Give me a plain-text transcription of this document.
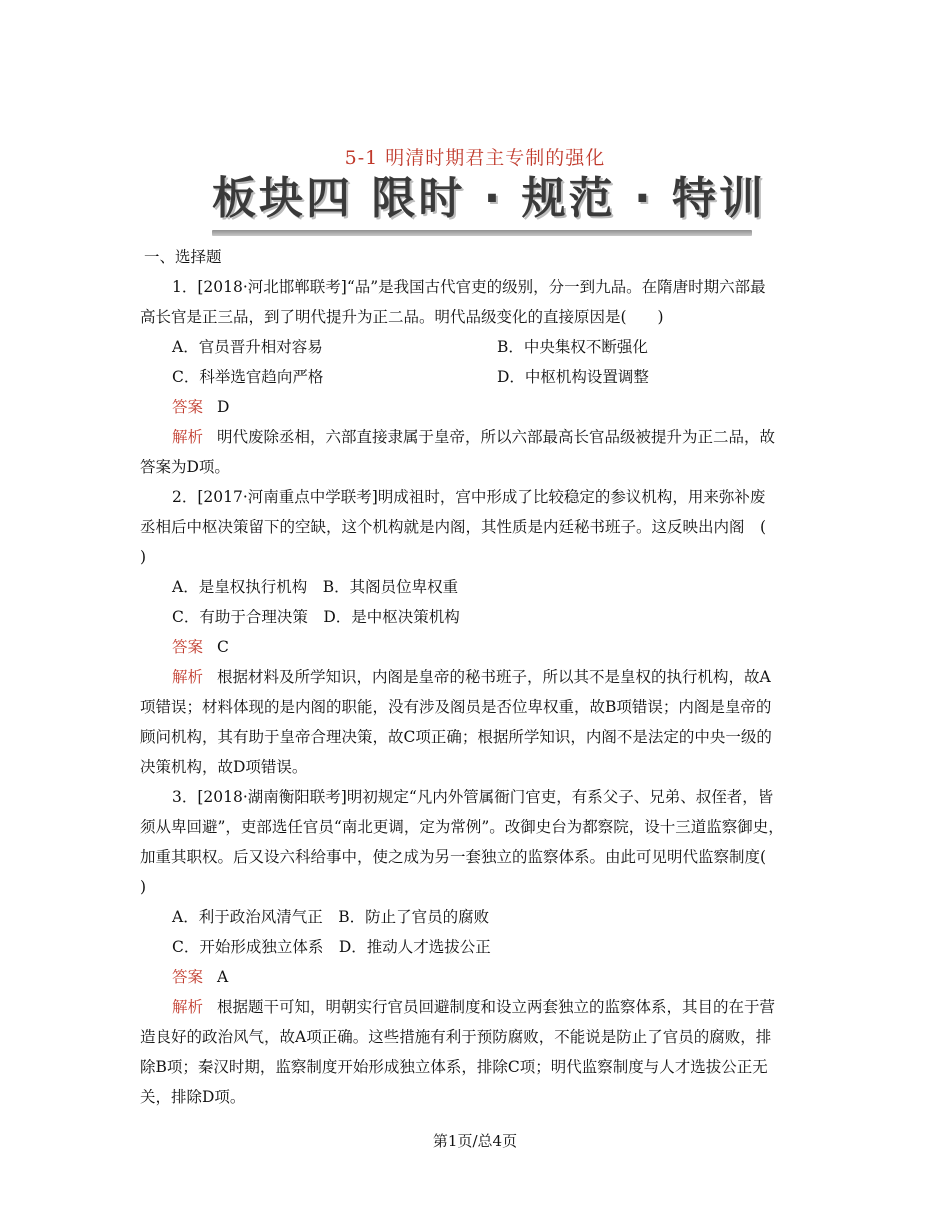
5-1 明清时期君主专制的强化
板块四 限时 · 规范 · 特训
一、选择题
1．[2018·河北邯郸联考]“品”是我国古代官吏的级别，分一到九品。在隋唐时期六部最
高长官是正三品，到了明代提升为正二品。明代品级变化的直接原因是(　　)
A．官员晋升相对容易	B．中央集权不断强化
C．科举选官趋向严格	D．中枢机构设置调整
答案 D
解析 明代废除丞相，六部直接隶属于皇帝，所以六部最高长官品级被提升为正二品，故
答案为D项。
2．[2017·河南重点中学联考]明成祖时，宫中形成了比较稳定的参议机构，用来弥补废
丞相后中枢决策留下的空缺，这个机构就是内阁，其性质是内廷秘书班子。这反映出内阁　(
)
A．是皇权执行机构　B．其阁员位卑权重
C．有助于合理决策　D．是中枢决策机构
答案 C
解析 根据材料及所学知识，内阁是皇帝的秘书班子，所以其不是皇权的执行机构，故A
项错误；材料体现的是内阁的职能，没有涉及阁员是否位卑权重，故B项错误；内阁是皇帝的
顾问机构，其有助于皇帝合理决策，故C项正确；根据所学知识，内阁不是法定的中央一级的
决策机构，故D项错误。
3．[2018·湖南衡阳联考]明初规定“凡内外管属衙门官吏，有系父子、兄弟、叔侄者，皆
须从卑回避”，吏部选任官员“南北更调，定为常例”。改御史台为都察院，设十三道监察御史，
加重其职权。后又设六科给事中，使之成为另一套独立的监察体系。由此可见明代监察制度(
)
A．利于政治风清气正　B．防止了官员的腐败
C．开始形成独立体系　D．推动人才选拔公正
答案 A
解析 根据题干可知，明朝实行官员回避制度和设立两套独立的监察体系，其目的在于营
造良好的政治风气，故A项正确。这些措施有利于预防腐败，不能说是防止了官员的腐败，排
除B项；秦汉时期，监察制度开始形成独立体系，排除C项；明代监察制度与人才选拔公正无
关，排除D项。
第1页/总4页
